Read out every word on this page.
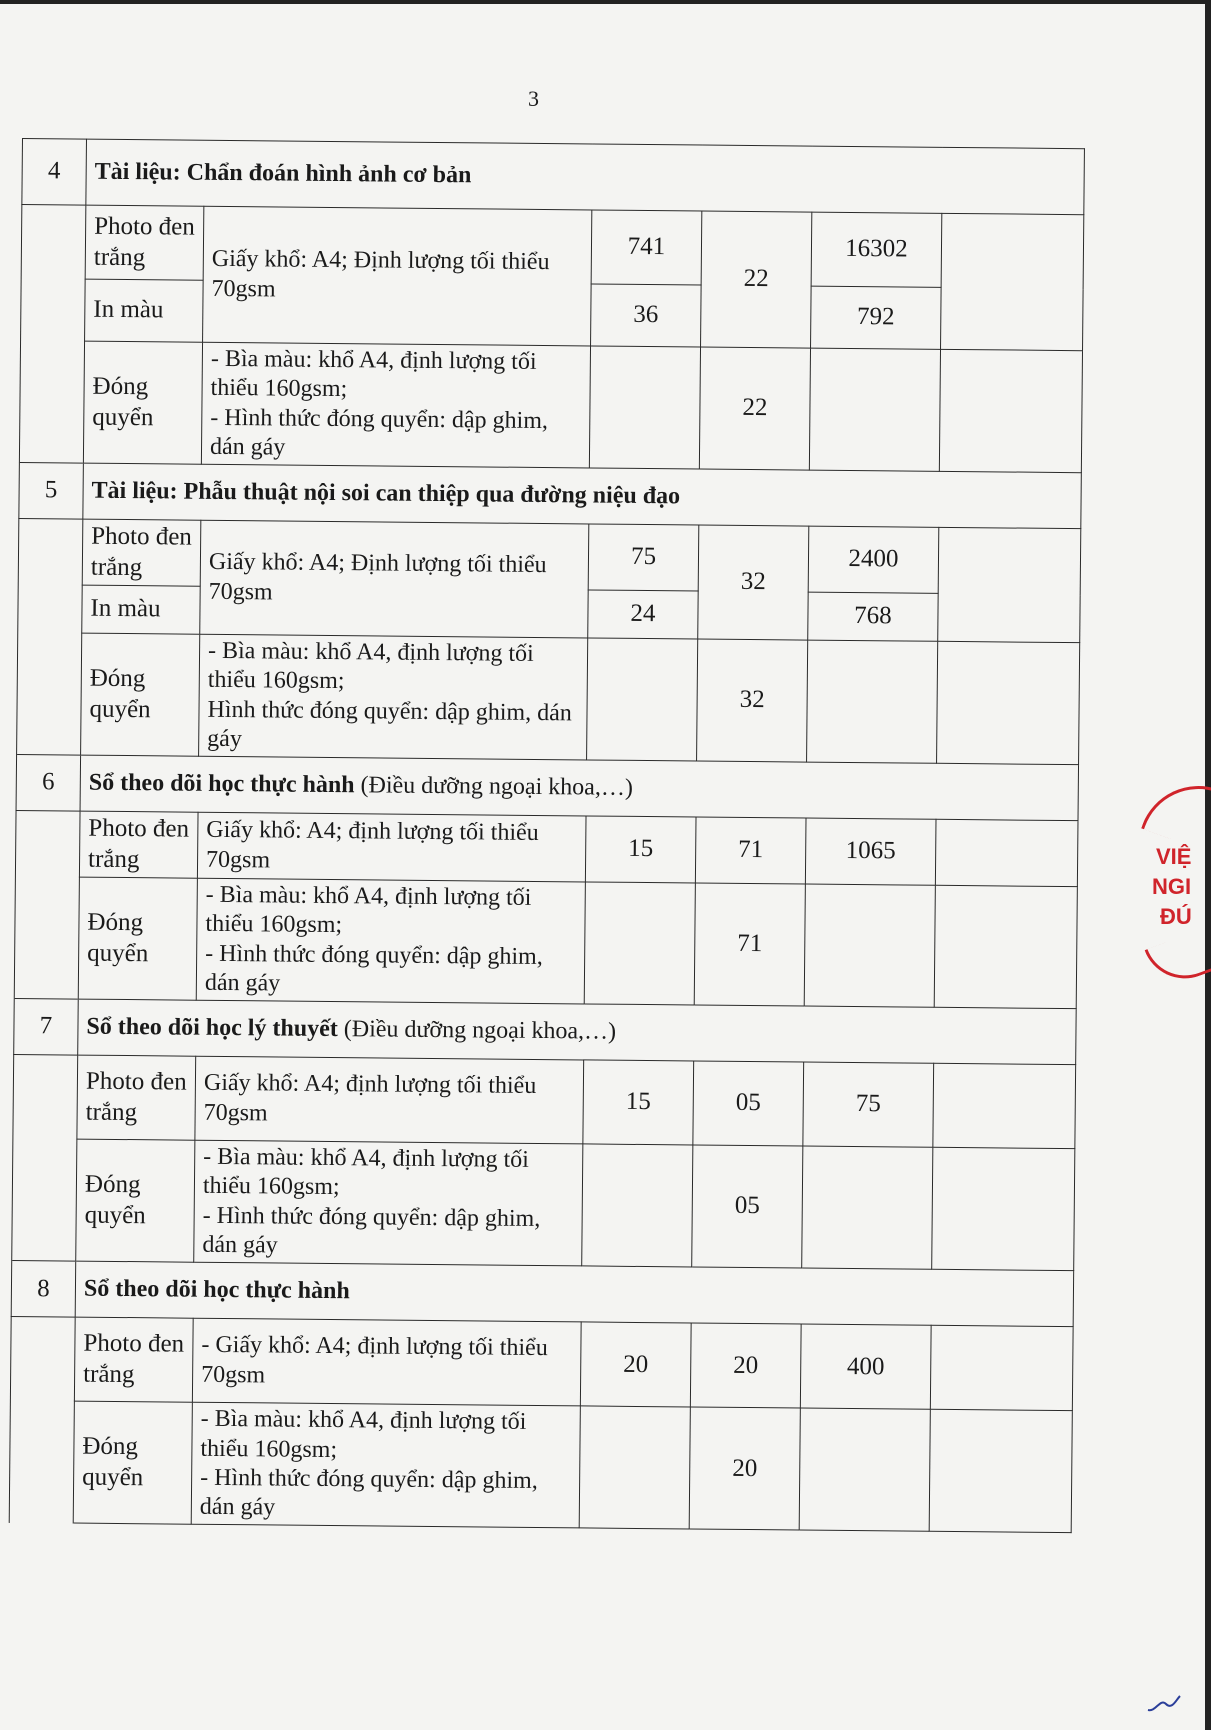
3
4	Tài liệu: Chẩn đoán hình ảnh cơ bản					
	Photo đen trắng	Giấy khổ: A4; Định lượng tối thiểu 70gsm	741	22	16302	
	In màu		36		792	
	Đóng quyển	- Bìa màu: khổ A4, định lượng tối thiểu 160gsm;
- Hình thức đóng quyển: dập ghim, dán gáy		22		
5	Tài liệu: Phẫu thuật nội soi can thiệp qua đường niệu đạo					
	Photo đen trắng	Giấy khổ: A4; Định lượng tối thiểu 70gsm	75	32	2400	
	In màu		24		768	
	Đóng quyển	- Bìa màu: khổ A4, định lượng tối thiểu 160gsm;
Hình thức đóng quyển: dập ghim, dán gáy		32		
6	Sổ theo dõi học thực hành (Điều dưỡng ngoại khoa,…)					
	Photo đen trắng	Giấy khổ: A4; định lượng tối thiểu 70gsm	15	71	1065	
	Đóng quyển	- Bìa màu: khổ A4, định lượng tối thiểu 160gsm;
- Hình thức đóng quyển: dập ghim, dán gáy		71		
7	Sổ theo dõi học lý thuyết (Điều dưỡng ngoại khoa,…)					
	Photo đen trắng	Giấy khổ: A4; định lượng tối thiểu 70gsm	15	05	75	
	Đóng quyển	- Bìa màu: khổ A4, định lượng tối thiểu 160gsm;
- Hình thức đóng quyển: dập ghim, dán gáy		05		
8	Sổ theo dõi học thực hành					
	Photo đen trắng	- Giấy khổ: A4; định lượng tối thiểu 70gsm	20	20	400	
	Đóng quyển	- Bìa màu: khổ A4, định lượng tối thiểu 160gsm;
- Hình thức đóng quyển: dập ghim, dán gáy		20		
VIỆ
NGI
ĐÚ
